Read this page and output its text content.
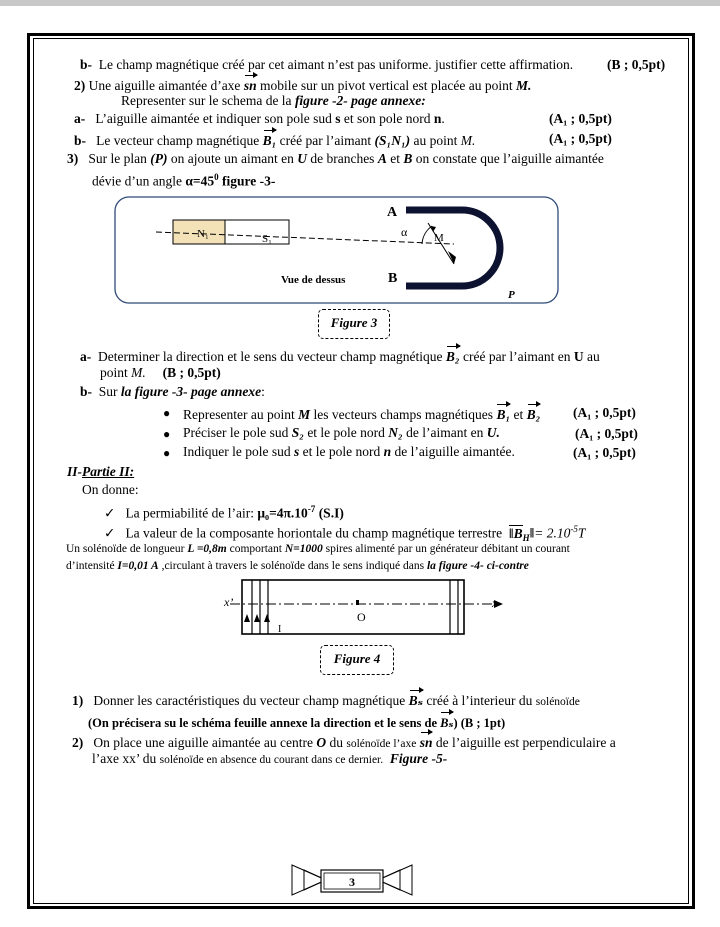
b- Le champ magnétique créé par cet aimant n’est pas uniforme. justifier cette affirmation.	(B ; 0,5pt)
2) Une aiguille aimantée d’axe sn mobile sur un pivot vertical est placée au point M.
Representer sur le schema de la figure -2- page annexe:
a- L’aiguille aimantée et indiquer son pole sud s et son pole nord n.	(A₁ ; 0,5pt)
b- Le vecteur champ magnétique B₁ créé par l’aimant (S₁N₁) au point M.	(A₁ ; 0,5pt)
3) Sur le plan (P) on ajoute un aimant en U de branches A et B on constate que l’aiguille aimantée
dévie d’un angle $\alpha=45^0$ figure -3-
N₁	S₁
A
α M
Vue de dessus	B
P
Figure 3
a- Determiner la direction et le sens du vecteur champ magnétique B₂ créé par l’aimant en U au
point M. (B ; 0,5pt)
b- Sur la figure -3- page annexe:
● Representer au point M les vecteurs champs magnétiques B₁ et B₂ (A₁ ; 0,5pt)
● Préciser le pole sud S₂ et le pole nord N₂ de l’aimant en U.	(A₁ ; 0,5pt)
● Indiquer le pole sud s et le pole nord n de l’aiguille aimantée.	(A₁ ; 0,5pt)
II-Partie II:
On donne:
✓ La permiabilité de l’air: $\mu_0=4\pi.10^{-7}$ (S.I)
✓ La valeur de la composante horiontale du champ magnétique terrestre $‖B_H‖= 2.10^{-5}T$
Un solénoïde de longueur L =0,8m comportant N=1000 spires alimenté par un générateur débitant un courant
d’intensité I=0,01 A ,circulant à travers le solénoïde dans le sens indiqué dans la figure -4- ci-contre
x’	x
O
I
Figure 4
1) Donner les caractéristiques du vecteur champ magnétique Bₛ créé à l’interieur du solénoïde
(On précisera su le schéma feuille annexe la direction et le sens de Bₛ) (B ; 1pt)
2) On place une aiguille aimantée au centre O du solénoïde l’axe sn de l’aiguille est perpendiculaire a
l’axe xx’ du solénoïde en absence du courant dans ce dernier. Figure -5-
3
